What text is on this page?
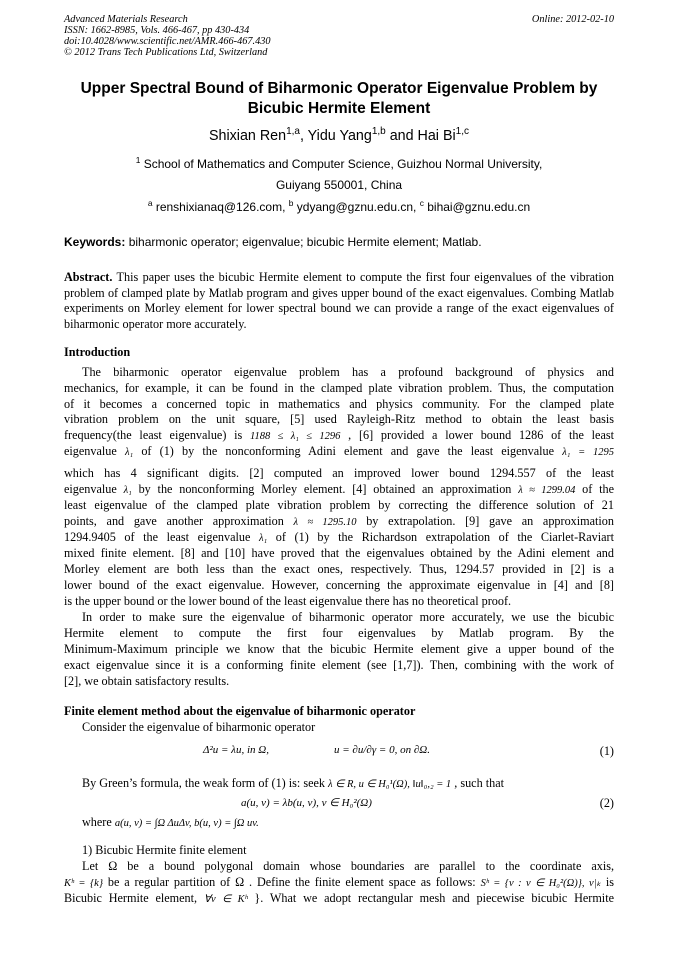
Advanced Materials Research
ISSN: 1662-8985, Vols. 466-467, pp 430-434
doi:10.4028/www.scientific.net/AMR.466-467.430
© 2012 Trans Tech Publications Ltd, Switzerland
Online: 2012-02-10
Upper Spectral Bound of Biharmonic Operator Eigenvalue Problem by
Bicubic Hermite Element
Shixian Ren$^{1,a}$, Yidu Yang$^{1,b}$ and Hai Bi$^{1,c}$
$^1$ School of Mathematics and Computer Science, Guizhou Normal University,
Guiyang 550001, China
$^a$ renshixianaq@126.com, $^b$ ydyang@gznu.edu.cn, $^c$ bihai@gznu.edu.cn
Keywords: biharmonic operator; eigenvalue; bicubic Hermite element; Matlab.
Abstract. This paper uses the bicubic Hermite element to compute the first four eigenvalues of the vibration problem of clamped plate by Matlab program and gives upper bound of the exact eigenvalues. Combing Matlab experiments on Morley element for lower spectral bound we can provide a range of the exact eigenvalues of biharmonic operator more accurately.
Introduction
The biharmonic operator eigenvalue problem has a profound background of physics and
mechanics, for example, it can be found in the clamped plate vibration problem. Thus, the computation
of it becomes a concerned topic in mathematics and physics community. For the clamped plate
vibration problem on the unit square, [5] used Rayleigh-Ritz method to obtain the least basis
frequency(the least eigenvalue) is 1188 ≤ λ₁ ≤ 1296 , [6] provided a lower bound 1286 of the least
eigenvalue λ₁ of (1) by the nonconforming Adini element and gave the least eigenvalue λ₁ = 1295
which has 4 significant digits. [2] computed an improved lower bound 1294.557 of the least
eigenvalue λ₁ by the nonconforming Morley element. [4] obtained an approximation λ ≈ 1299.04 of the
least eigenvalue of the clamped plate vibration problem by correcting the difference solution of 21
points, and gave another approximation λ ≈ 1295.10 by extrapolation. [9] gave an approximation
1294.9405 of the least eigenvalue λ₁ of (1) by the Richardson extrapolation of the Ciarlet-Raviart
mixed finite element. [8] and [10] have proved that the eigenvalues obtained by the Adini element and
Morley element are both less than the exact ones, respectively. Thus, 1294.57 provided in [2] is a
lower bound of the exact eigenvalue. However, concerning the approximate eigenvalue in [4] and [8]
is the upper bound or the lower bound of the least eigenvalue there has no theoretical proof.
In order to make sure the eigenvalue of biharmonic operator more accurately, we use the bicubic
Hermite element to compute the first four eigenvalues by Matlab program. By the
Minimum-Maximum principle we know that the bicubic Hermite element give a upper bound of the
exact eigenvalue since it is a conforming finite element (see [1,7]). Then, combining with the work of
[2], we obtain satisfactory results.
Finite element method about the eigenvalue of biharmonic operator
Consider the eigenvalue of biharmonic operator
Δ²u = λu, in Ω,	u = ∂u/∂γ = 0, on ∂Ω.	(1)
By Green’s formula, the weak form of (1) is: seek λ ∈ R, u ∈ H₀¹(Ω), ‖u‖₀,₂ = 1 , such that
a(u, v) = λb(u, v), v ∈ H₀²(Ω)	(2)
where a(u, v) = ∫Ω ΔuΔv, b(u, v) = ∫Ω uv.
1) Bicubic Hermite finite element
Let Ω be a bound polygonal domain whose boundaries are parallel to the coordinate axis,
Kʰ = {k} be a regular partition of Ω . Define the finite element space as follows: Sʰ = {v : v ∈ H₀²(Ω)}, v|ₖ is
Bicubic Hermite element, ∀v ∈ Kʰ }. What we adopt rectangular mesh and piecewise bicubic Hermite
